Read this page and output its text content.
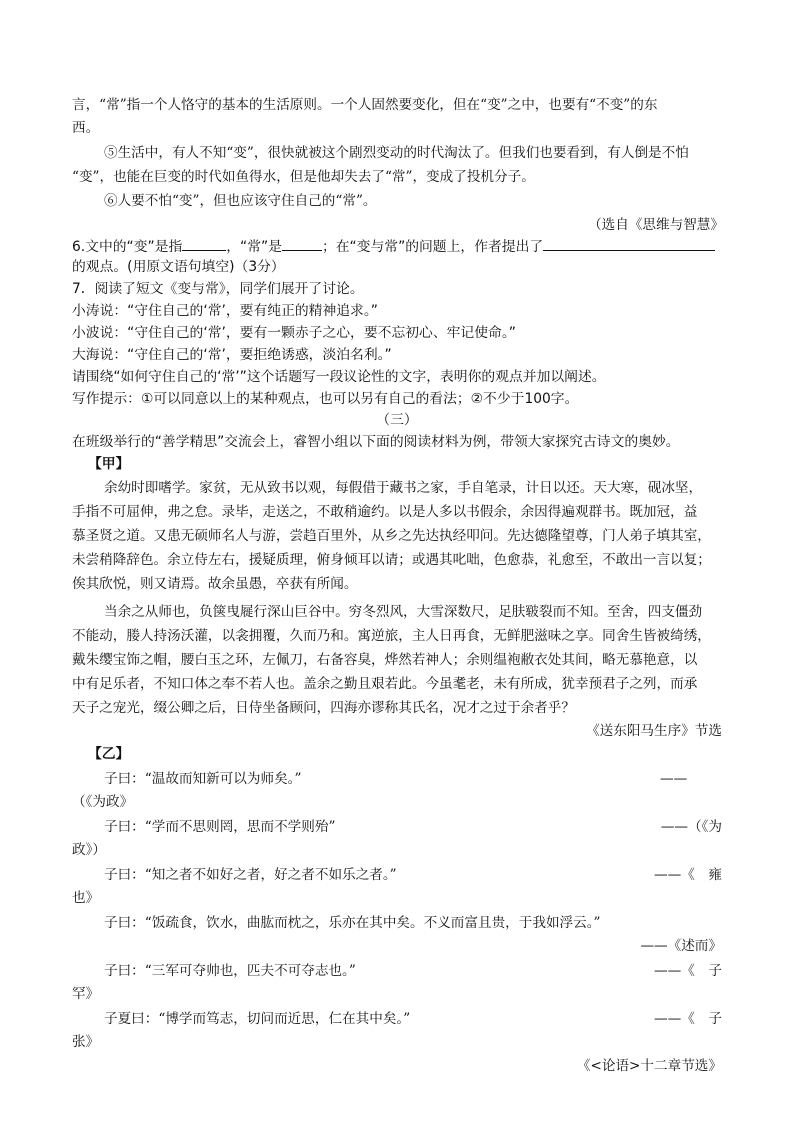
言，“常”指一个人恪守的基本的生活原则。一个人固然要变化，但在“变”之中，也要有“不变”的东
西。
⑤生活中，有人不知“变”，很快就被这个剧烈变动的时代淘汰了。但我们也要看到，有人倒是不怕
“变”，也能在巨变的时代如鱼得水，但是他却失去了“常”，变成了投机分子。
⑥人要不怕“变”，但也应该守住自己的“常”。
（选自《思维与智慧》
6.文中的“变”是指	，“常”是	；在“变与常”的问题上，作者提出了
的观点。(用原文语句填空)（3分）
7．阅读了短文《变与常》，同学们展开了讨论。
小涛说：“守住自己的‘常’，要有纯正的精神追求。”
小波说：“守住自己的‘常’，要有一颗赤子之心，要不忘初心、牢记使命。”
大海说：“守住自己的‘常’，要拒绝诱惑，淡泊名利。”
请围绕“如何守住自己的‘常’”这个话题写一段议论性的文字，表明你的观点并加以阐述。
写作提示：①可以同意以上的某种观点，也可以另有自己的看法；②不少于100字。
（三）
在班级举行的“善学精思”交流会上，睿智小组以下面的阅读材料为例，带领大家探究古诗文的奥妙。
【甲】
余幼时即嗜学。家贫，无从致书以观，每假借于藏书之家，手自笔录，计日以还。天大寒，砚冰坚，
手指不可屈伸，弗之怠。录毕，走送之，不敢稍逾约。以是人多以书假余，余因得遍观群书。既加冠，益
慕圣贤之道。又患无硕师名人与游，尝趋百里外，从乡之先达执经叩问。先达德隆望尊，门人弟子填其室，
未尝稍降辞色。余立侍左右，援疑质理，俯身倾耳以请；或遇其叱咄，色愈恭，礼愈至，不敢出一言以复；
俟其欣悦，则又请焉。故余虽愚，卒获有所闻。
当余之从师也，负箧曳屣行深山巨谷中。穷冬烈风，大雪深数尺，足肤皲裂而不知。至舍，四支僵劲
不能动，媵人持汤沃灌，以衾拥覆，久而乃和。寓逆旅，主人日再食，无鲜肥滋味之享。同舍生皆被绮绣，
戴朱缨宝饰之帽，腰白玉之环，左佩刀，右备容臭，烨然若神人；余则缊袍敝衣处其间，略无慕艳意，以
中有足乐者，不知口体之奉不若人也。盖余之勤且艰若此。今虽耄老，未有所成，犹幸预君子之列，而承
天子之宠光，缀公卿之后，日侍坐备顾问，四海亦谬称其氏名，况才之过于余者乎？
《送东阳马生序》节选
【乙】
子曰：“温故而知新可以为师矣。”	——
（《为政》
子曰：“学而不思则罔，思而不学则殆”	——（《为
政》）
子曰：“知之者不如好之者，好之者不如乐之者。”	——《　雍
也》
子曰：“饭疏食，饮水，曲肱而枕之，乐亦在其中矣。不义而富且贵，于我如浮云。”
——《述而》
子曰：“三军可夺帅也，匹夫不可夺志也。”	——《　子
罕》
子夏曰：“博学而笃志，切问而近思，仁在其中矣。”	——《　子
张》
《<论语>十二章节选》
